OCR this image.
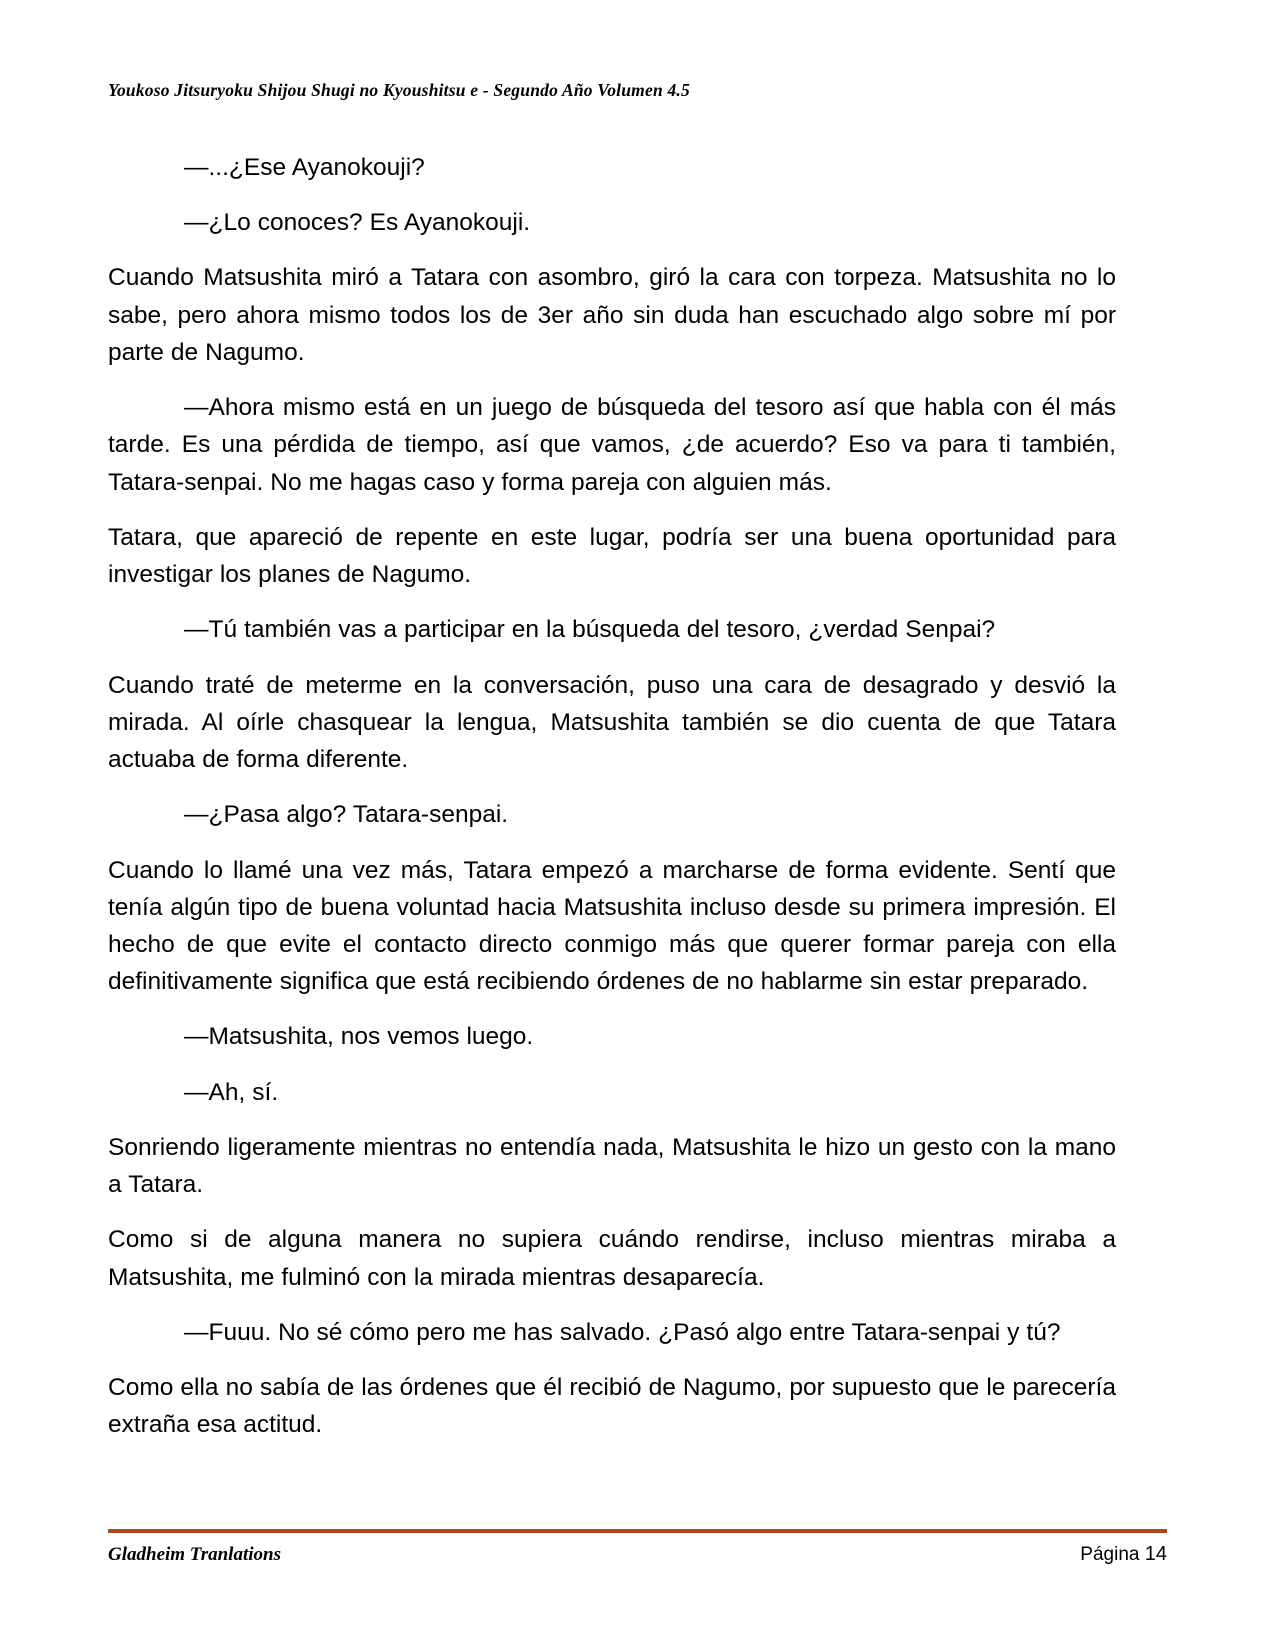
Youkoso Jitsuryoku Shijou Shugi no Kyoushitsu e - Segundo Año Volumen 4.5

—...¿Ese Ayanokouji?

—¿Lo conoces? Es Ayanokouji.

Cuando Matsushita miró a Tatara con asombro, giró la cara con torpeza. Matsushita no lo sabe, pero ahora mismo todos los de 3er año sin duda han escuchado algo sobre mí por parte de Nagumo.

—Ahora mismo está en un juego de búsqueda del tesoro así que habla con él más tarde. Es una pérdida de tiempo, así que vamos, ¿de acuerdo? Eso va para ti también, Tatara-senpai. No me hagas caso y forma pareja con alguien más.

Tatara, que apareció de repente en este lugar, podría ser una buena oportunidad para investigar los planes de Nagumo.

—Tú también vas a participar en la búsqueda del tesoro, ¿verdad Senpai?

Cuando traté de meterme en la conversación, puso una cara de desagrado y desvió la mirada. Al oírle chasquear la lengua, Matsushita también se dio cuenta de que Tatara actuaba de forma diferente.

—¿Pasa algo? Tatara-senpai.

Cuando lo llamé una vez más, Tatara empezó a marcharse de forma evidente. Sentí que tenía algún tipo de buena voluntad hacia Matsushita incluso desde su primera impresión. El hecho de que evite el contacto directo conmigo más que querer formar pareja con ella definitivamente significa que está recibiendo órdenes de no hablarme sin estar preparado.

—Matsushita, nos vemos luego.

—Ah, sí.

Sonriendo ligeramente mientras no entendía nada, Matsushita le hizo un gesto con la mano a Tatara.

Como si de alguna manera no supiera cuándo rendirse, incluso mientras miraba a Matsushita, me fulminó con la mirada mientras desaparecía.

—Fuuu. No sé cómo pero me has salvado. ¿Pasó algo entre Tatara-senpai y tú?

Como ella no sabía de las órdenes que él recibió de Nagumo, por supuesto que le parecería extraña esa actitud.

Gladheim Tranlations	Página 14
